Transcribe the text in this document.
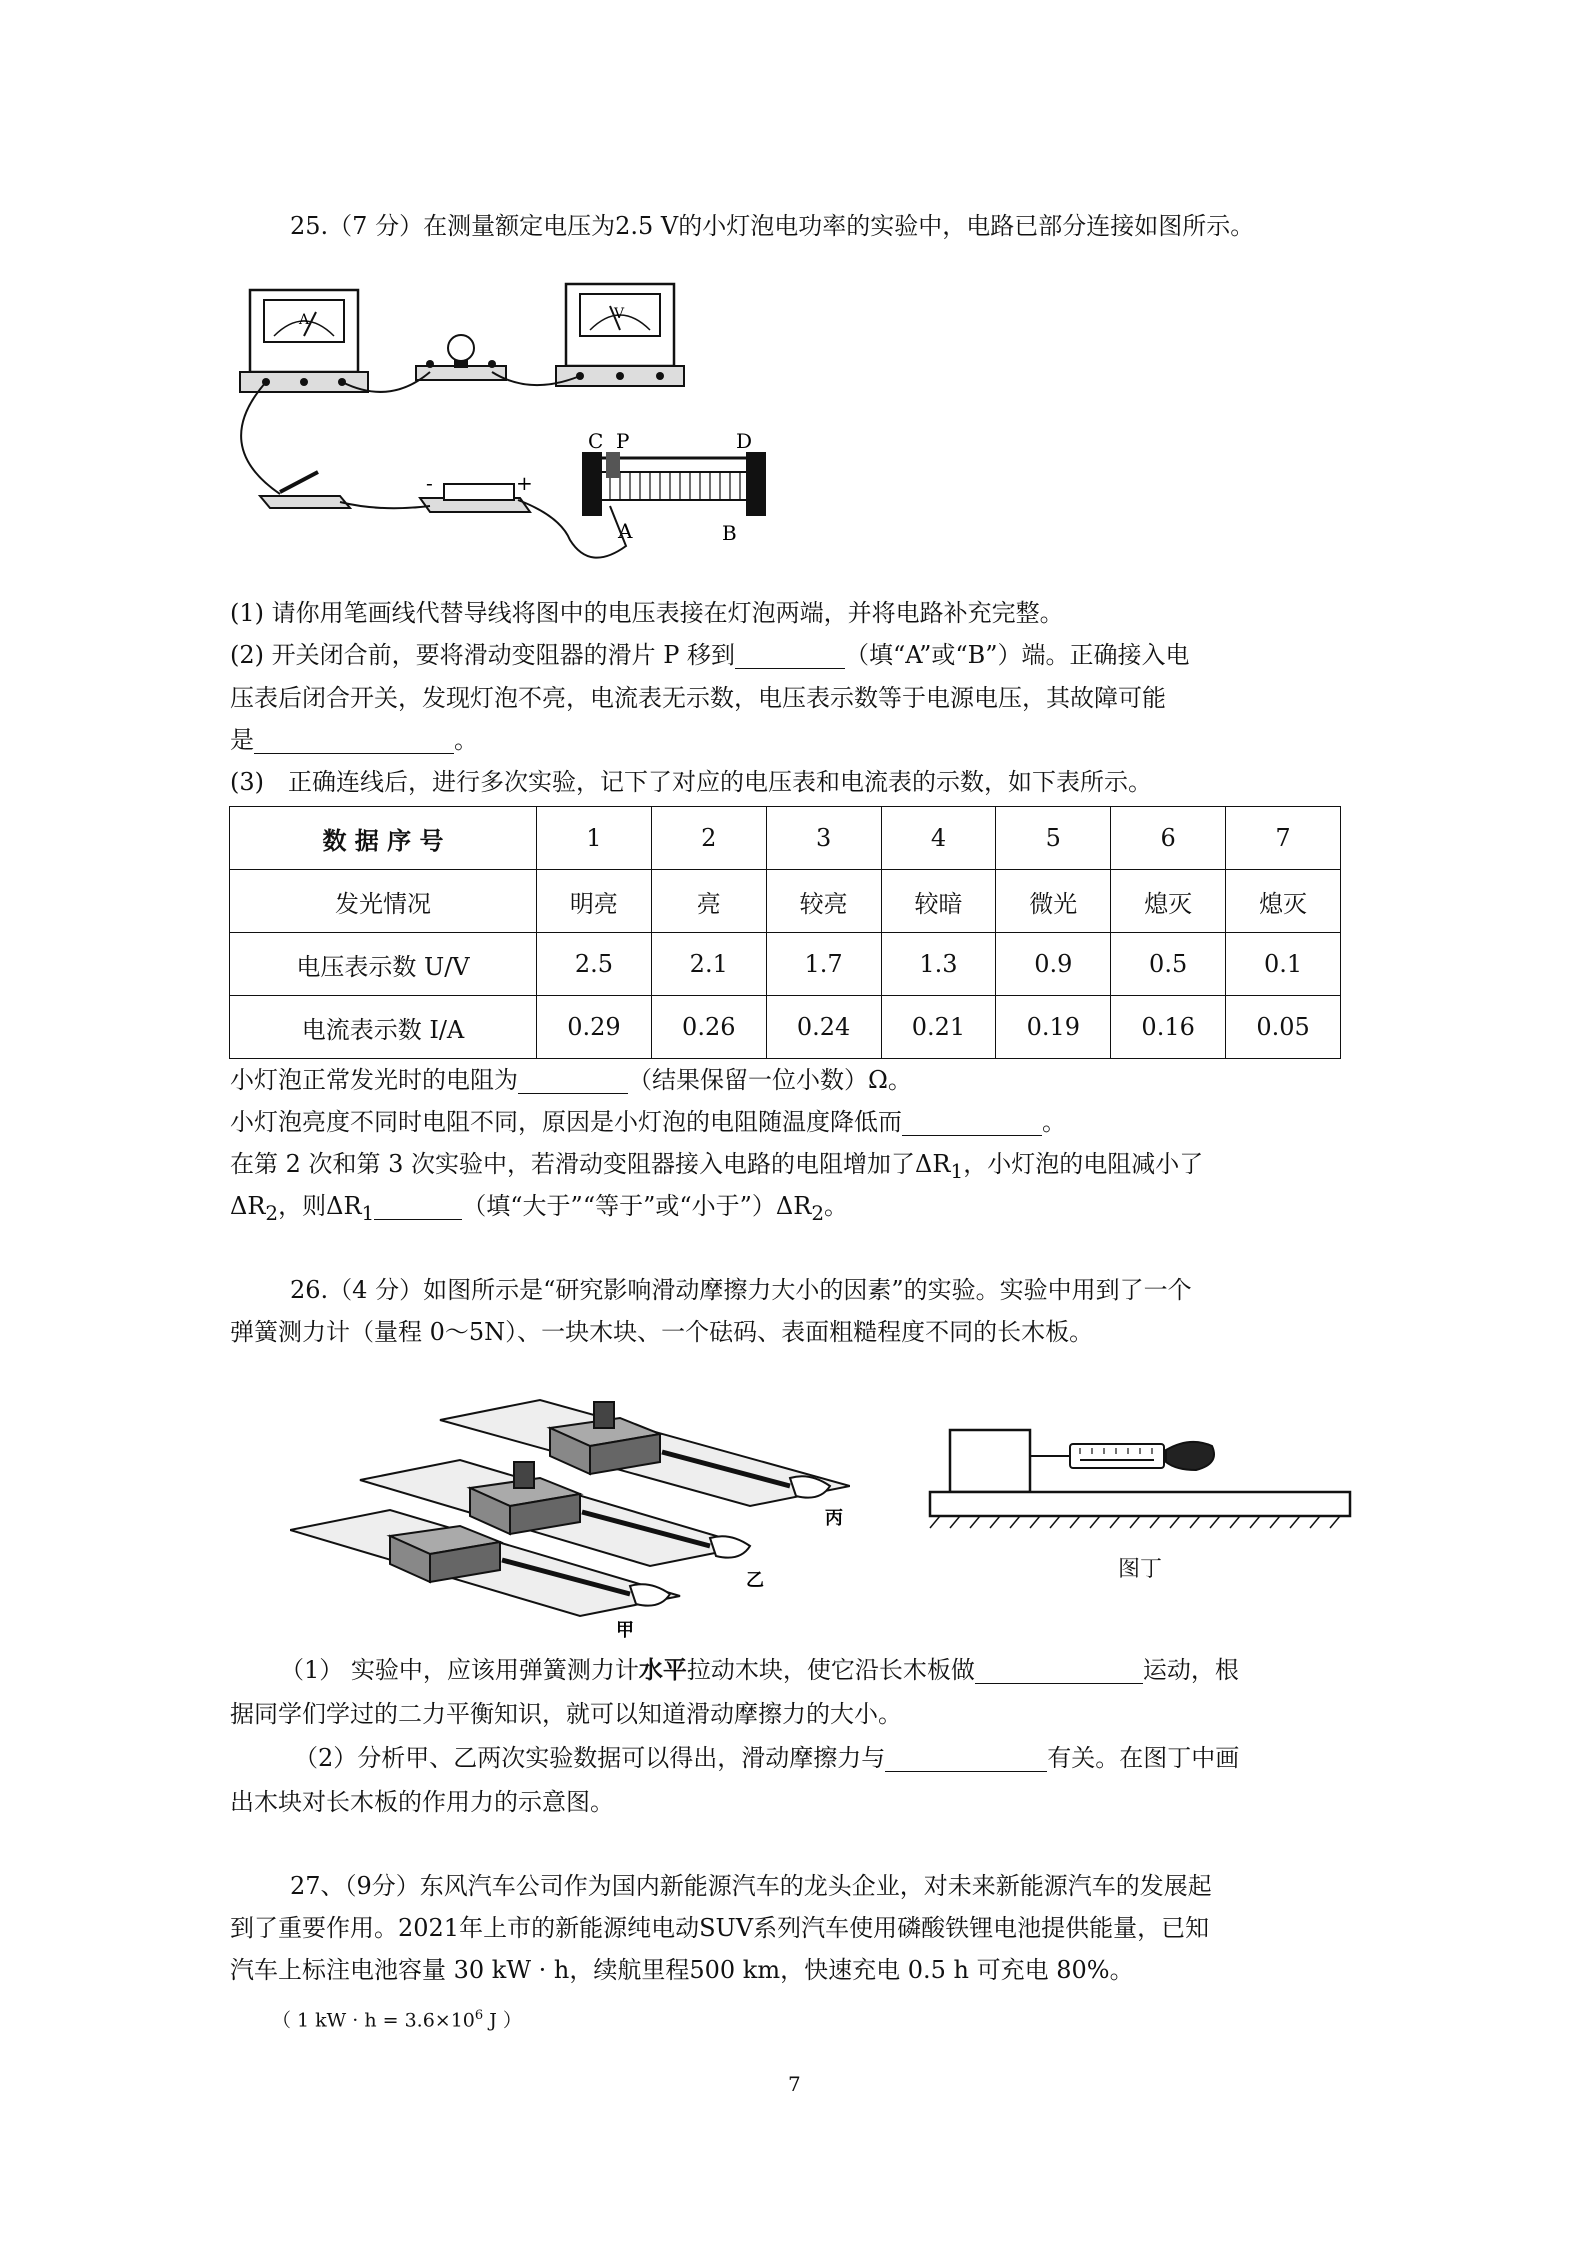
25.（7 分）在测量额定电压为2.5 V的小灯泡电功率的实验中，电路已部分连接如图所示。
A	V
-	+
C P	D
A	B
(1) 请你用笔画线代替导线将图中的电压表接在灯泡两端，并将电路补充完整。
(2) 开关闭合前，要将滑动变阻器的滑片 P 移到	（填“A”或“B”）端。正确接入电
压表后闭合开关，发现灯泡不亮，电流表无示数，电压表示数等于电源电压，其故障可能
是	。
(3)　正确连线后，进行多次实验，记下了对应的电压表和电流表的示数，如下表所示。
数 据 序 号	1	2	3	4	5	6	7
发光情况	明亮	亮	较亮	较暗	微光	熄灭	熄灭
电压表示数 U/V	2.5	2.1	1.7	1.3	0.9	0.5	0.1
电流表示数 I/A	0.29	0.26	0.24	0.21	0.19	0.16	0.05
小灯泡正常发光时的电阻为	（结果保留一位小数）Ω。
小灯泡亮度不同时电阻不同，原因是小灯泡的电阻随温度降低而	。
在第 2 次和第 3 次实验中，若滑动变阻器接入电路的电阻增加了$\Delta R_1$，小灯泡的电阻减小了
$\Delta R_2$，则$\Delta R_1$	（填“大于”“等于”或“小于$”)\Delta R_2$。
26.（4 分）如图所示是“研究影响滑动摩擦力大小的因素”的实验。实验中用到了一个
弹簧测力计（量程 0～5N）、一块木块、一个砝码、表面粗糙程度不同的长木板。
丙
乙
甲
图丁
（1） 实验中，应该用弹簧测力计水平拉动木块，使它沿长木板做	运动，根
据同学们学过的二力平衡知识，就可以知道滑动摩擦力的大小。
（2）分析甲、乙两次实验数据可以得出，滑动摩擦力与	有关。在图丁中画
出木块对长木板的作用力的示意图。
27、（9分）东风汽车公司作为国内新能源汽车的龙头企业，对未来新能源汽车的发展起
到了重要作用。2021年上市的新能源纯电动SUV系列汽车使用磷酸铁锂电池提供能量，已知
汽车上标注电池容量 30 kW · h，续航里程500 km，快速充电 0.5 h 可充电 80%。
（ 1 kW · $h = 3.6\times 10^6$ J ）
7
